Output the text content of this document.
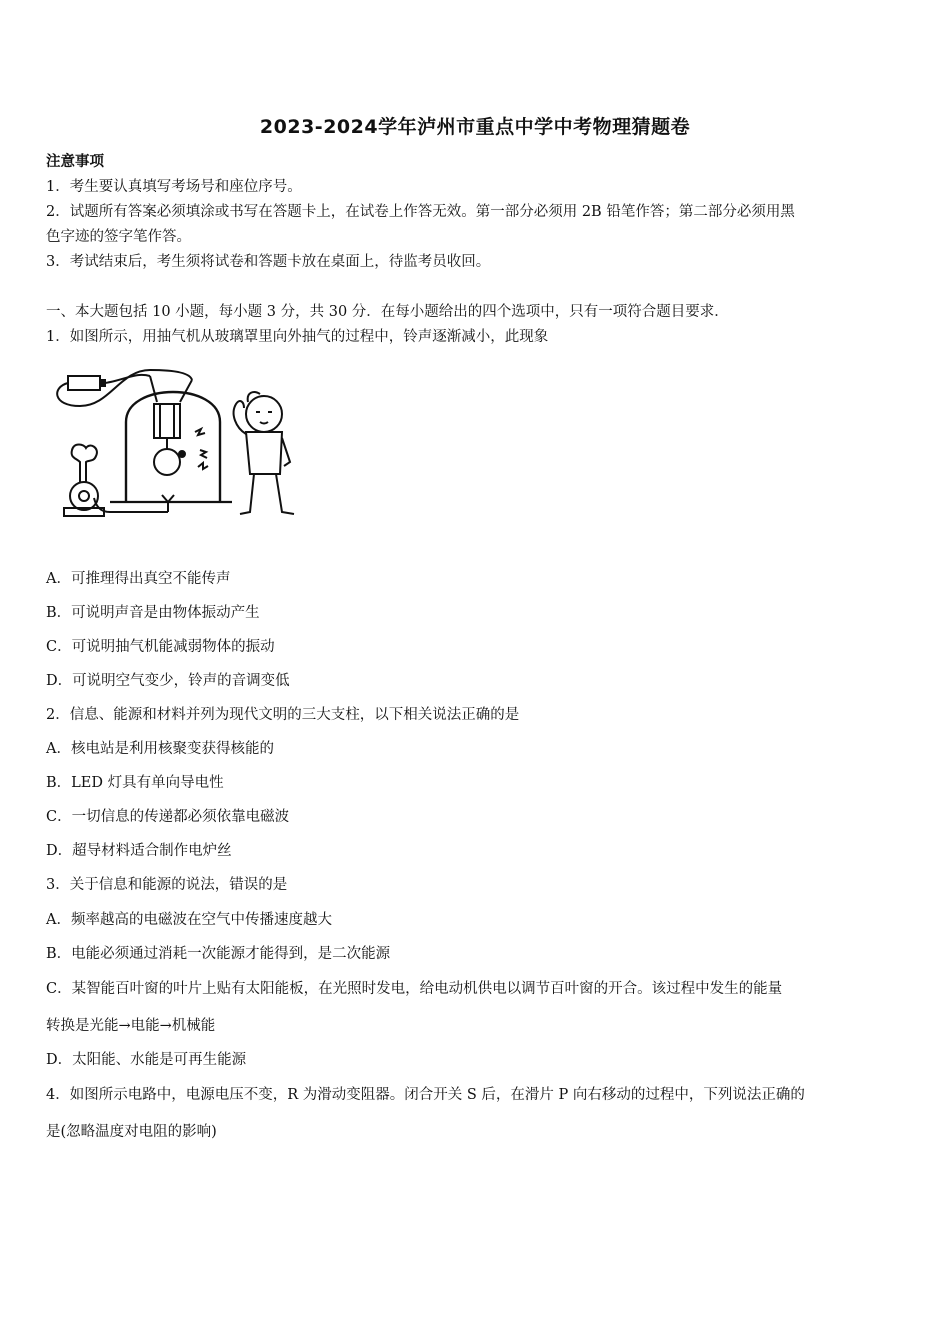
2023-2024学年泸州市重点中学中考物理猜题卷
注意事项
1．考生要认真填写考场号和座位序号。
2．试题所有答案必须填涂或书写在答题卡上，在试卷上作答无效。第一部分必须用 2B 铅笔作答；第二部分必须用黑
色字迹的签字笔作答。
3．考试结束后，考生须将试卷和答题卡放在桌面上，待监考员收回。
一、本大题包括 10 小题，每小题 3 分，共 30 分．在每小题给出的四个选项中，只有一项符合题目要求．
1．如图所示，用抽气机从玻璃罩里向外抽气的过程中，铃声逐渐减小，此现象
A．可推理得出真空不能传声
B．可说明声音是由物体振动产生
C．可说明抽气机能减弱物体的振动
D．可说明空气变少，铃声的音调变低
2．信息、能源和材料并列为现代文明的三大支柱，以下相关说法正确的是
A．核电站是利用核聚变获得核能的
B．LED 灯具有单向导电性
C．一切信息的传递都必须依靠电磁波
D．超导材料适合制作电炉丝
3．关于信息和能源的说法，错误的是
A．频率越高的电磁波在空气中传播速度越大
B．电能必须通过消耗一次能源才能得到，是二次能源
C．某智能百叶窗的叶片上贴有太阳能板，在光照时发电，给电动机供电以调节百叶窗的开合。该过程中发生的能量
转换是光能→电能→机械能
D．太阳能、水能是可再生能源
4．如图所示电路中，电源电压不变，R 为滑动变阻器。闭合开关 S 后，在滑片 P 向右移动的过程中，下列说法正确的
是(忽略温度对电阻的影响)
